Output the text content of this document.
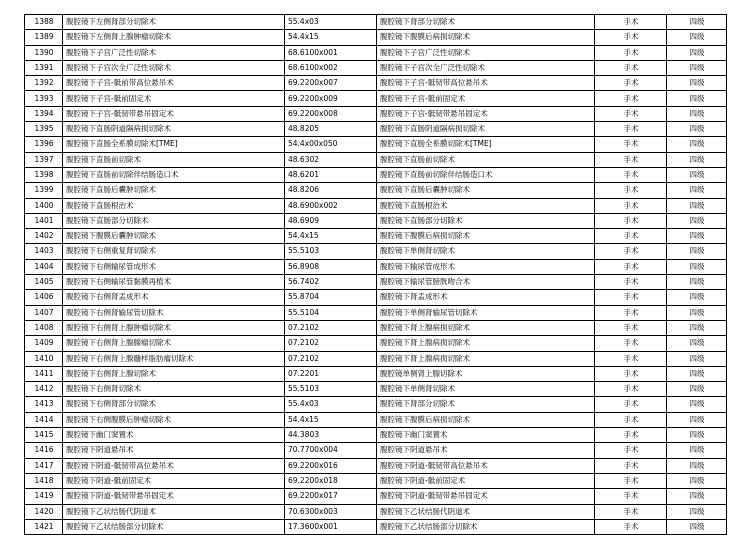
1388	腹腔镜下左侧肾部分切除术	55.4x03	腹腔镜下肾部分切除术	手术	四级
1389	腹腔镜下左侧肾上腺肿瘤切除术	54.4x15	腹腔镜下腹膜后病损切除术	手术	四级
1390	腹腔镜下子宫广泛性切除术	68.6100x001	腹腔镜下子宫广泛性切除术	手术	四级
1391	腹腔镜下子宫次全广泛性切除术	68.6100x002	腹腔镜下子宫次全广泛性切除术	手术	四级
1392	腹腔镜下子宫-骶前带高位悬吊术	69.2200x007	腹腔镜下子宫-骶韧带高位悬吊术	手术	四级
1393	腹腔镜下子宫-骶前固定术	69.2200x009	腹腔镜下子宫-骶前固定术	手术	四级
1394	腹腔镜下子宫-骶韧带悬吊固定术	69.2200x008	腹腔镜下子宫-骶韧带悬吊固定术	手术	四级
1395	腹腔镜下直肠阴道隔病损切除术	48.8205	腹腔镜下直肠阴道隔病损切除术	手术	四级
1396	腹腔镜下直肠全系膜切除术[TME]	54.4x00x050	腹腔镜下直肠全系膜切除术[TME]	手术	四级
1397	腹腔镜下直肠前切除术	48.6302	腹腔镜下直肠前切除术	手术	四级
1398	腹腔镜下直肠前切除伴结肠造口术	48.6201	腹腔镜下直肠前切除伴结肠造口术	手术	四级
1399	腹腔镜下直肠后囊肿切除术	48.8206	腹腔镜下直肠后囊肿切除术	手术	四级
1400	腹腔镜下直肠根治术	48.6900x002	腹腔镜下直肠根治术	手术	四级
1401	腹腔镜下直肠部分切除术	48.6909	腹腔镜下直肠部分切除术	手术	四级
1402	腹腔镜下腹膜后囊肿切除术	54.4x15	腹腔镜下腹膜后病损切除术	手术	四级
1403	腹腔镜下右侧重复肾切除术	55.5103	腹腔镜下单侧肾切除术	手术	四级
1404	腹腔镜下右侧输尿管成形术	56.8908	腹腔镜下输尿管成形术	手术	四级
1405	腹腔镜下右侧输尿管黏膜再植术	56.7402	腹腔镜下输尿管膀胱吻合术	手术	四级
1406	腹腔镜下右侧肾盂成形术	55.8704	腹腔镜下肾盂成形术	手术	四级
1407	腹腔镜下右侧肾输尿管切除术	55.5104	腹腔镜下单侧肾输尿管切除术	手术	四级
1408	腹腔镜下右侧肾上腺肿瘤切除术	07.2102	腹腔镜下肾上腺病损切除术	手术	四级
1409	腹腔镜下右侧肾上腺腺瘤切除术	07.2102	腹腔镜下肾上腺病损切除术	手术	四级
1410	腹腔镜下右侧肾上腺髓样脂肪瘤切除术	07.2102	腹腔镜下肾上腺病损切除术	手术	四级
1411	腹腔镜下右侧肾上腺切除术	07.2201	腹腔镜单侧肾上腺切除术	手术	四级
1412	腹腔镜下右侧肾切除术	55.5103	腹腔镜下单侧肾切除术	手术	四级
1413	腹腔镜下右侧肾部分切除术	55.4x03	腹腔镜下肾部分切除术	手术	四级
1414	腹腔镜下右侧腹膜后肿瘤切除术	54.4x15	腹腔镜下腹膜后病损切除术	手术	四级
1415	腹腔镜下幽门窦置术	44.3803	腹腔镜下幽门窦置术	手术	四级
1416	腹腔镜下阴道悬吊术	70.7700x004	腹腔镜下阴道悬吊术	手术	四级
1417	腹腔镜下阴道-骶韧带高位悬吊术	69.2200x016	腹腔镜下阴道-骶韧带高位悬吊术	手术	四级
1418	腹腔镜下阴道-骶前固定术	69.2200x018	腹腔镜下阴道-骶前固定术	手术	四级
1419	腹腔镜下阴道-骶韧带悬吊固定术	69.2200x017	腹腔镜下阴道-骶韧带悬吊固定术	手术	四级
1420	腹腔镜下乙状结肠代阴道术	70.6300x003	腹腔镜下乙状结肠代阴道术	手术	四级
1421	腹腔镜下乙状结肠部分切除术	17.3600x001	腹腔镜下乙状结肠部分切除术	手术	四级
